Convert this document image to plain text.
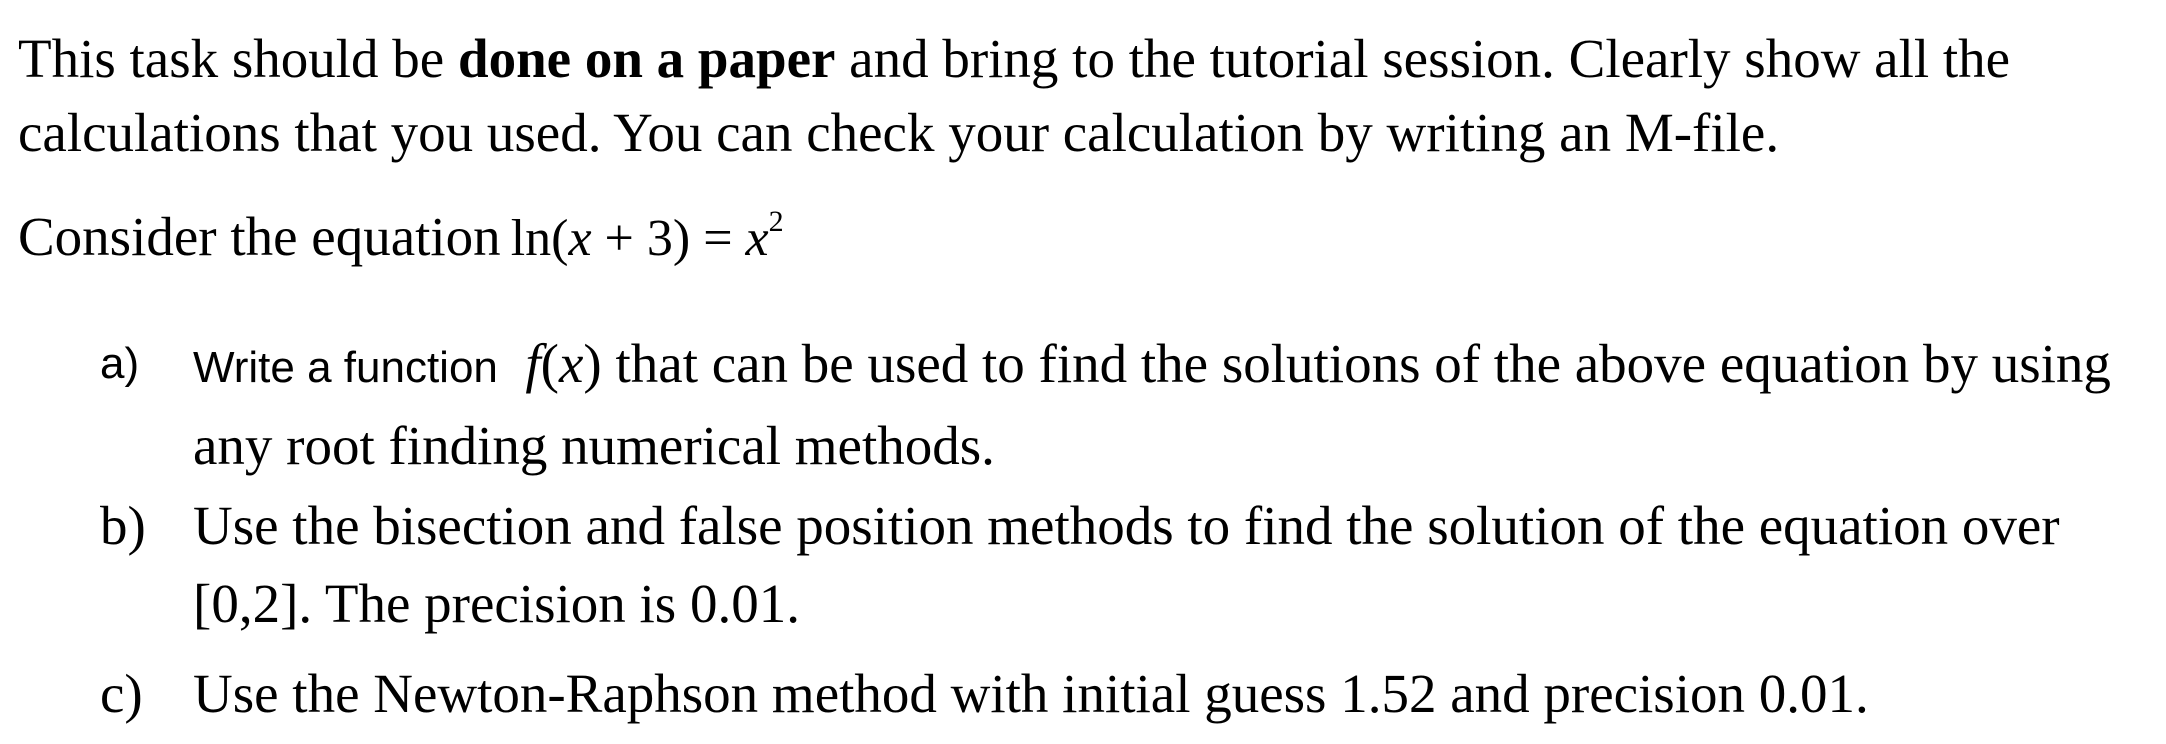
This task should be done on a paper and bring to the tutorial session. Clearly show all the calculations that you used. You can check your calculation by writing an M-file.

Consider the equation $\ln(x + 3) = x^2$

a) Write a function f(x) that can be used to find the solutions of the above equation by using any root finding numerical methods.
b) Use the bisection and false position methods to find the solution of the equation over [0,2]. The precision is 0.01.
c) Use the Newton-Raphson method with initial guess 1.52 and precision 0.01.
